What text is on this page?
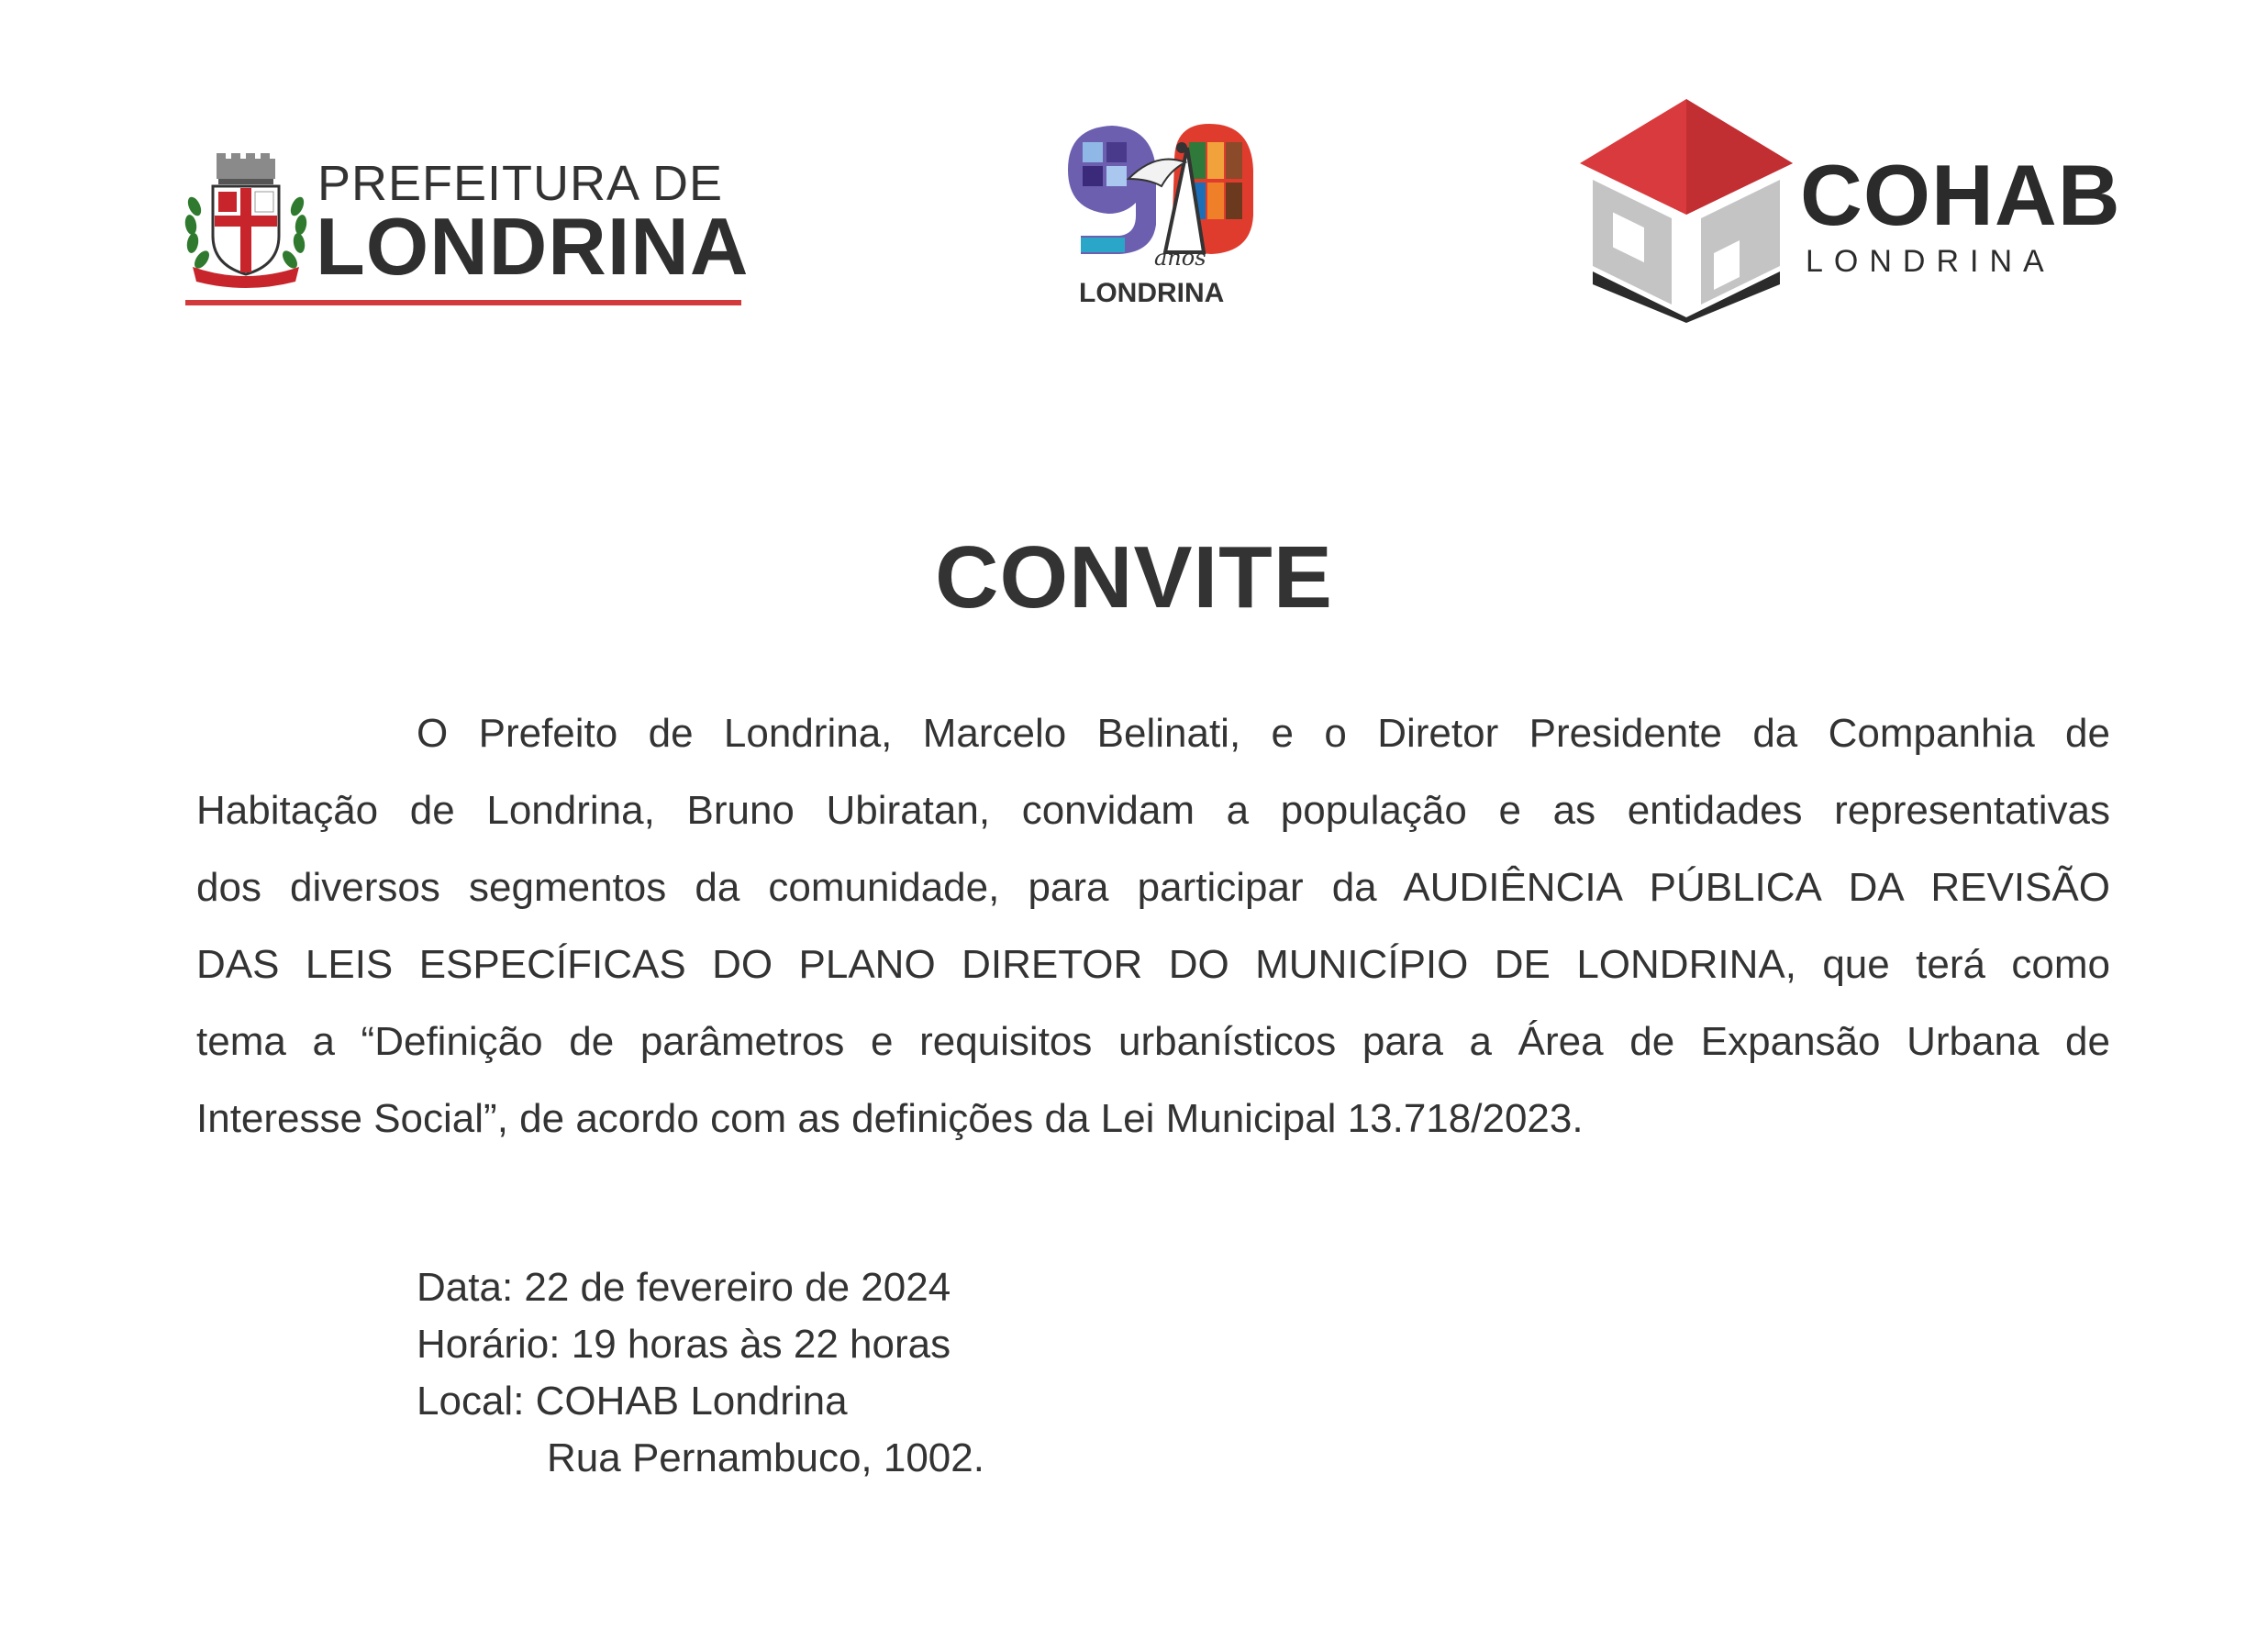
PREFEITURA DE
LONDRINA	anos
LONDRINA
COHAB
LONDRINA
CONVITE
O Prefeito de Londrina, Marcelo Belinati, e o Diretor Presidente da Companhia de
Habitação de Londrina, Bruno Ubiratan, convidam a população e as entidades representativas
dos diversos segmentos da comunidade, para participar da AUDIÊNCIA PÚBLICA DA REVISÃO
DAS LEIS ESPECÍFICAS DO PLANO DIRETOR DO MUNICÍPIO DE LONDRINA, que terá como
tema a “Definição de parâmetros e requisitos urbanísticos para a Área de Expansão Urbana de
Interesse Social”, de acordo com as definições da Lei Municipal 13.718/2023.
Data: 22 de fevereiro de 2024
Horário: 19 horas às 22 horas
Local: COHAB Londrina
Rua Pernambuco, 1002.
